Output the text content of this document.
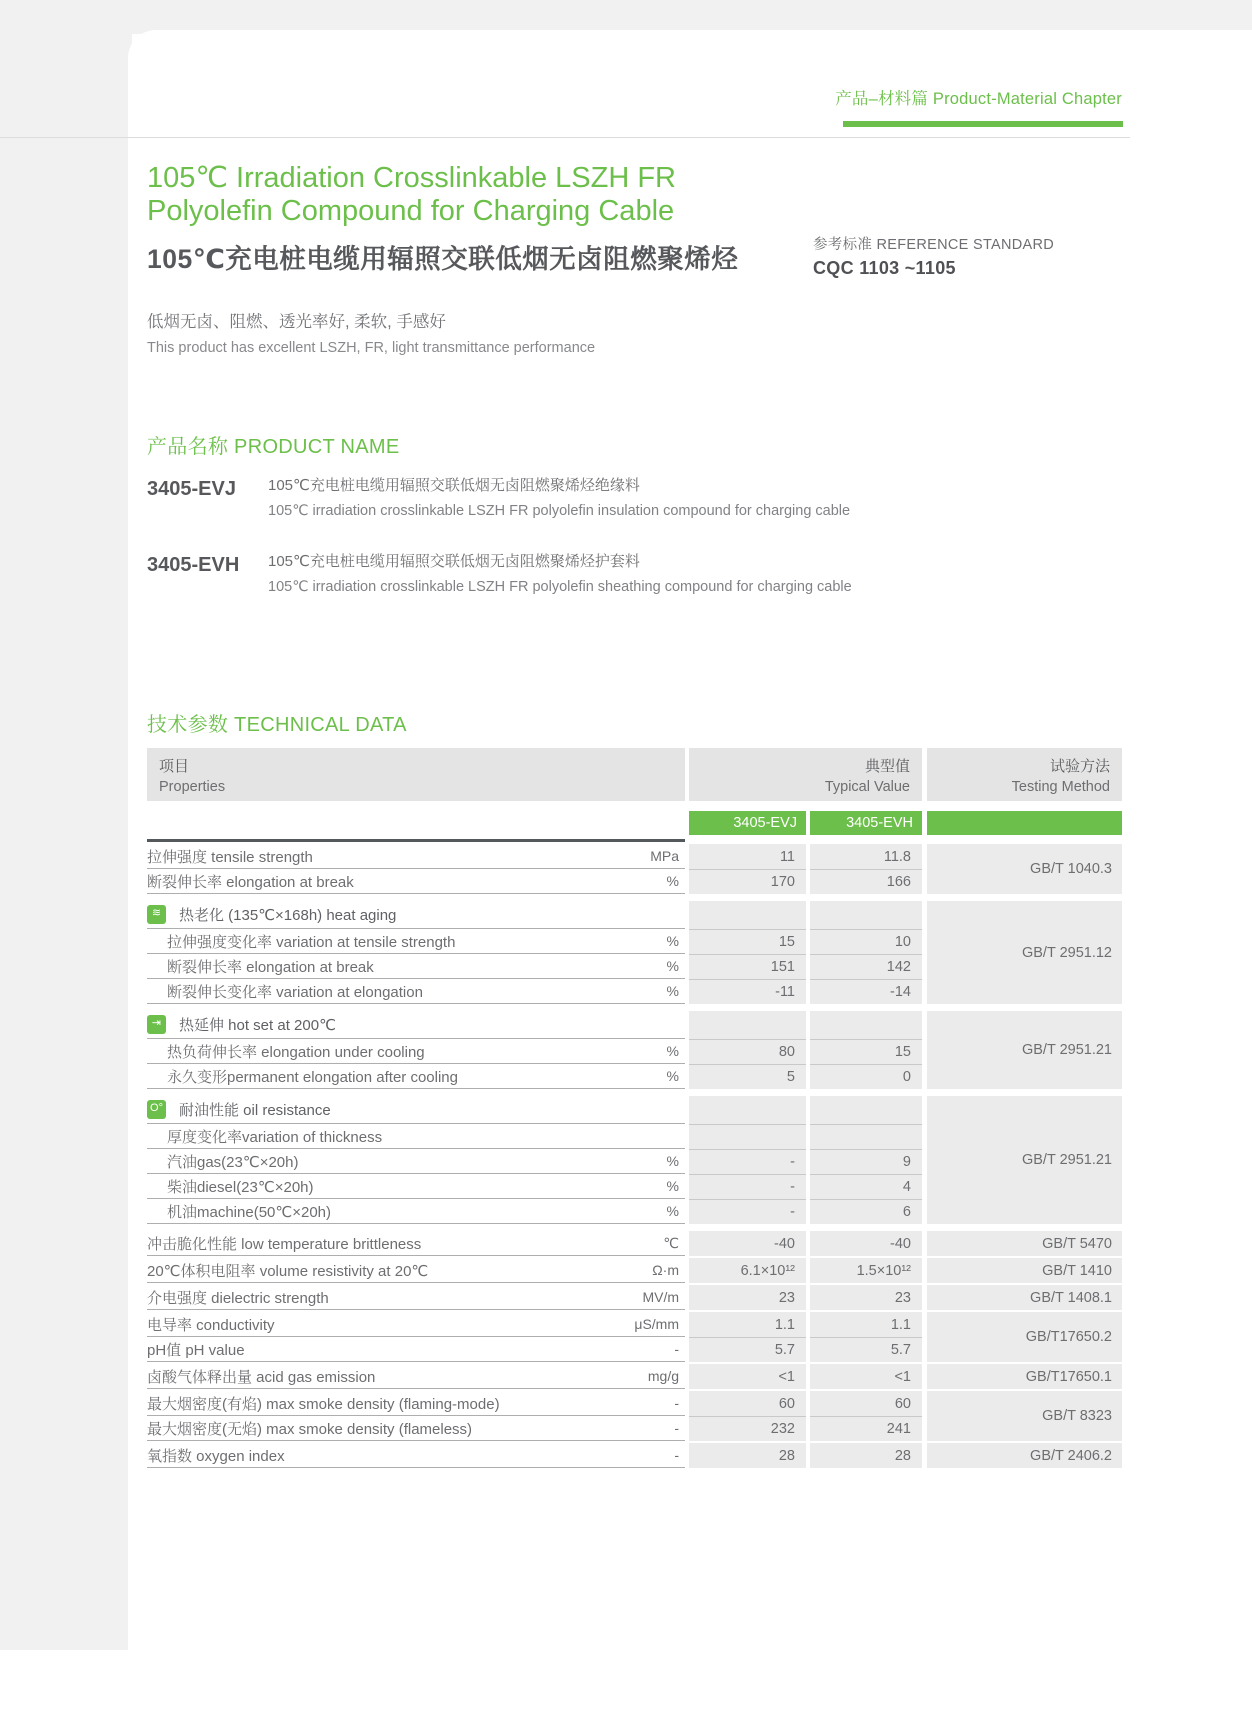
产品–材料篇 Product-Material Chapter
105℃ Irradiation Crosslinkable LSZH FR
Polyolefin Compound for Charging Cable
105℃充电桩电缆用辐照交联低烟无卤阻燃聚烯烃	参考标准 REFERENCE STANDARD
CQC 1103 ~1105
低烟无卤、阻燃、透光率好, 柔软, 手感好
This product has excellent LSZH, FR, light transmittance performance
产品名称 PRODUCT NAME
3405-EVJ	105℃充电桩电缆用辐照交联低烟无卤阻燃聚烯烃绝缘料
105℃ irradiation crosslinkable LSZH FR polyolefin insulation compound for charging cable
3405-EVH	105℃充电桩电缆用辐照交联低烟无卤阻燃聚烯烃护套料
105℃ irradiation crosslinkable LSZH FR polyolefin sheathing compound for charging cable
技术参数 TECHNICAL DATA
项目
Properties
典型值
Typical Value
试验方法
Testing Method
3405-EVJ	3405-EVH
拉伸强度 tensile strength	MPa
断裂伸长率 elongation at break	%
11
170
11.8
166
GB/T 1040.3
≋	热老化 (135℃×168h) heat aging
拉伸强度变化率 variation at tensile strength	%
断裂伸长率 elongation at break	%
断裂伸长变化率 variation at elongation	%
15
151
-11
10
142
-14
GB/T 2951.12
⇥	热延伸 hot set at 200℃
热负荷伸长率 elongation under cooling	%
永久变形permanent elongation after cooling	%
80
5
15
0
GB/T 2951.21
O° 耐油性能 oil resistance
厚度变化率variation of thickness
汽油gas(23℃×20h)	%
柴油diesel(23℃×20h)	%
机油machine(50℃×20h)	%
-
-
-
9
4
6
GB/T 2951.21
冲击脆化性能 low temperature brittleness	℃	-40	-40	GB/T 5470
20℃体积电阻率 volume resistivity at 20℃	Ω·m	6.1×10¹²	1.5×10¹²	GB/T 1410
介电强度 dielectric strength	MV/m	23	23	GB/T 1408.1
电导率 conductivity	μS/mm
pH值 pH value	-
1.1
5.7
1.1
5.7
GB/T17650.2
卤酸气体释出量 acid gas emission	mg/g	<1	<1	GB/T17650.1
最大烟密度(有焰) max smoke density (flaming-mode)	-
最大烟密度(无焰) max smoke density (flameless)	-
60
232
60
241
GB/T 8323
氧指数 oxygen index	-	28	28	GB/T 2406.2
